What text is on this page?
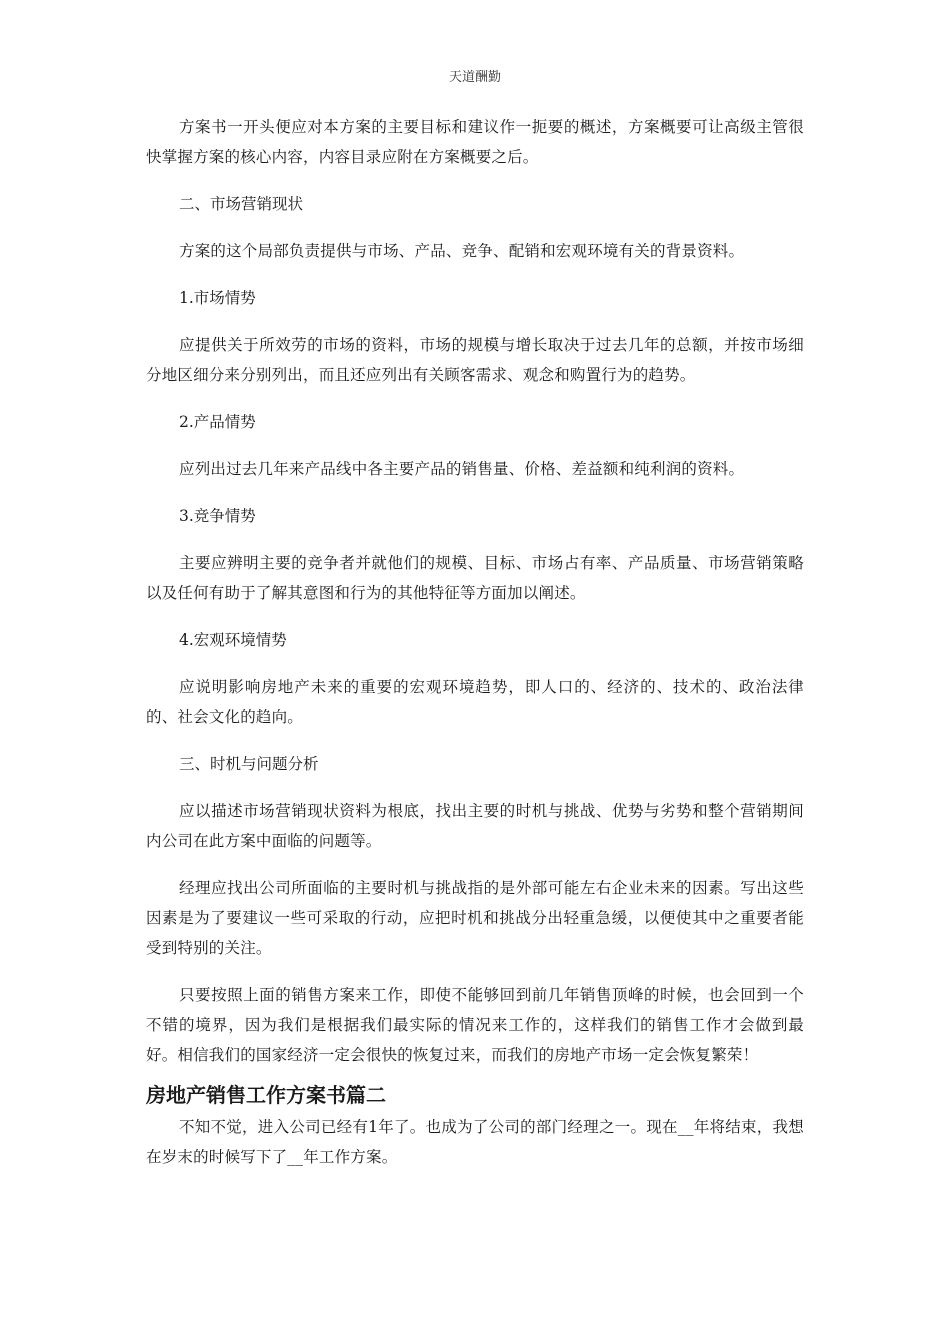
天道酬勤

方案书一开头便应对本方案的主要目标和建议作一扼要的概述，方案概要可让高级主管很快掌握方案的核心内容，内容目录应附在方案概要之后。

二、市场营销现状

方案的这个局部负责提供与市场、产品、竞争、配销和宏观环境有关的背景资料。

1.市场情势

应提供关于所效劳的市场的资料，市场的规模与增长取决于过去几年的总额，并按市场细分地区细分来分别列出，而且还应列出有关顾客需求、观念和购置行为的趋势。

2.产品情势

应列出过去几年来产品线中各主要产品的销售量、价格、差益额和纯利润的资料。

3.竞争情势

主要应辨明主要的竞争者并就他们的规模、目标、市场占有率、产品质量、市场营销策略以及任何有助于了解其意图和行为的其他特征等方面加以阐述。

4.宏观环境情势

应说明影响房地产未来的重要的宏观环境趋势，即人口的、经济的、技术的、政治法律的、社会文化的趋向。

三、时机与问题分析

应以描述市场营销现状资料为根底，找出主要的时机与挑战、优势与劣势和整个营销期间内公司在此方案中面临的问题等。

经理应找出公司所面临的主要时机与挑战指的是外部可能左右企业未来的因素。写出这些因素是为了要建议一些可采取的行动，应把时机和挑战分出轻重急缓，以便使其中之重要者能受到特别的关注。

只要按照上面的销售方案来工作，即使不能够回到前几年销售顶峰的时候，也会回到一个不错的境界，因为我们是根据我们最实际的情况来工作的，这样我们的销售工作才会做到最好。相信我们的国家经济一定会很快的恢复过来，而我们的房地产市场一定会恢复繁荣！

房地产销售工作方案书篇二

不知不觉，进入公司已经有1年了。也成为了公司的部门经理之一。现在__年将结束，我想在岁末的时候写下了__年工作方案。
